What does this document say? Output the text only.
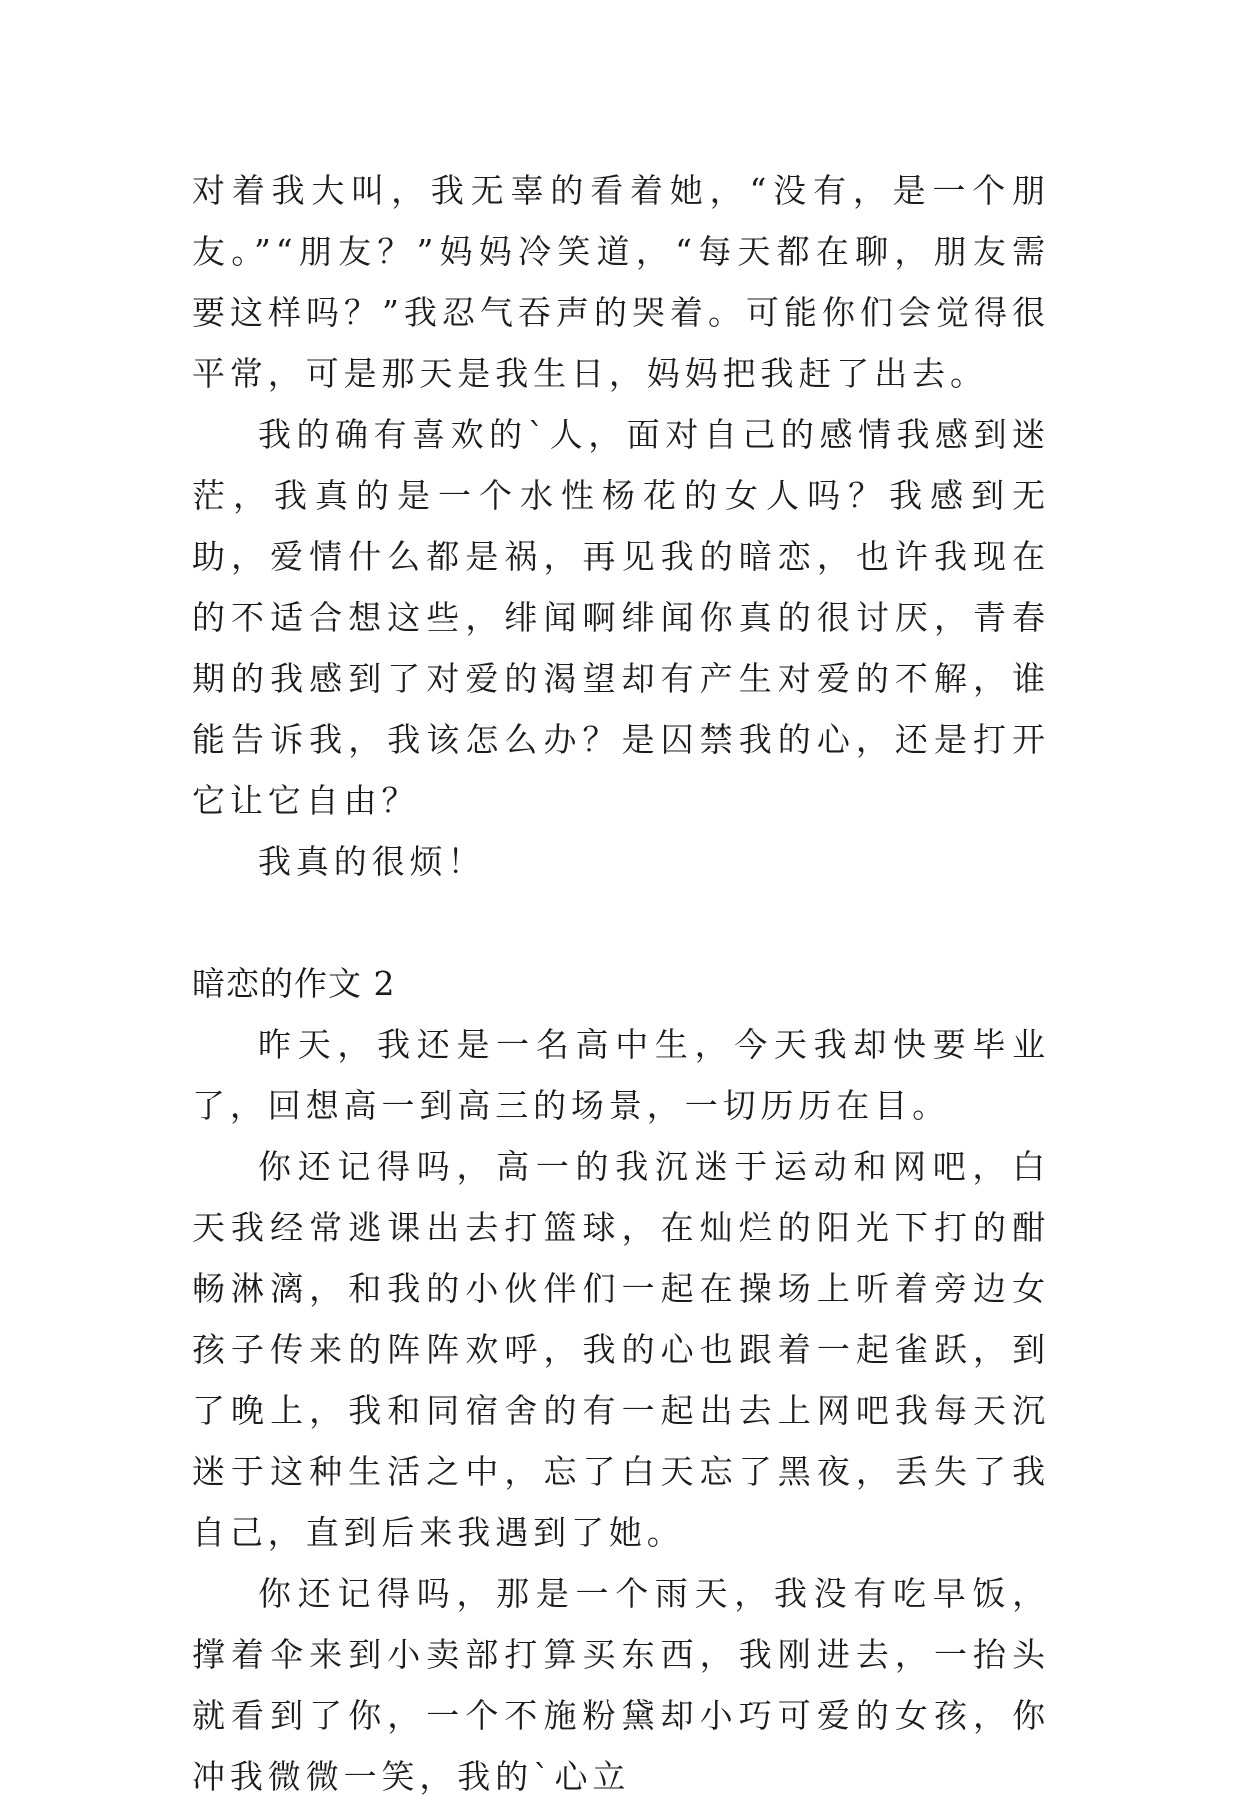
对着我大叫，我无辜的看着她，“没有，是一个朋友。”“朋友？”妈妈冷笑道，“每天都在聊，朋友需要这样吗？”我忍气吞声的哭着。可能你们会觉得很平常，可是那天是我生日，妈妈把我赶了出去。

我的确有喜欢的`人，面对自己的感情我感到迷茫，我真的是一个水性杨花的女人吗？我感到无助，爱情什么都是祸，再见我的暗恋，也许我现在的不适合想这些，绯闻啊绯闻你真的很讨厌，青春期的我感到了对爱的渴望却有产生对爱的不解，谁能告诉我，我该怎么办？是囚禁我的心，还是打开它让它自由？

我真的很烦！

暗恋的作文 2

昨天，我还是一名高中生，今天我却快要毕业了，回想高一到高三的场景，一切历历在目。

你还记得吗，高一的我沉迷于运动和网吧，白天我经常逃课出去打篮球，在灿烂的阳光下打的酣畅淋漓，和我的小伙伴们一起在操场上听着旁边女孩子传来的阵阵欢呼，我的心也跟着一起雀跃，到了晚上，我和同宿舍的有一起出去上网吧我每天沉迷于这种生活之中，忘了白天忘了黑夜，丢失了我自己，直到后来我遇到了她。

你还记得吗，那是一个雨天，我没有吃早饭，撑着伞来到小卖部打算买东西，我刚进去，一抬头就看到了你，一个不施粉黛却小巧可爱的女孩，你冲我微微一笑，我的`心立
